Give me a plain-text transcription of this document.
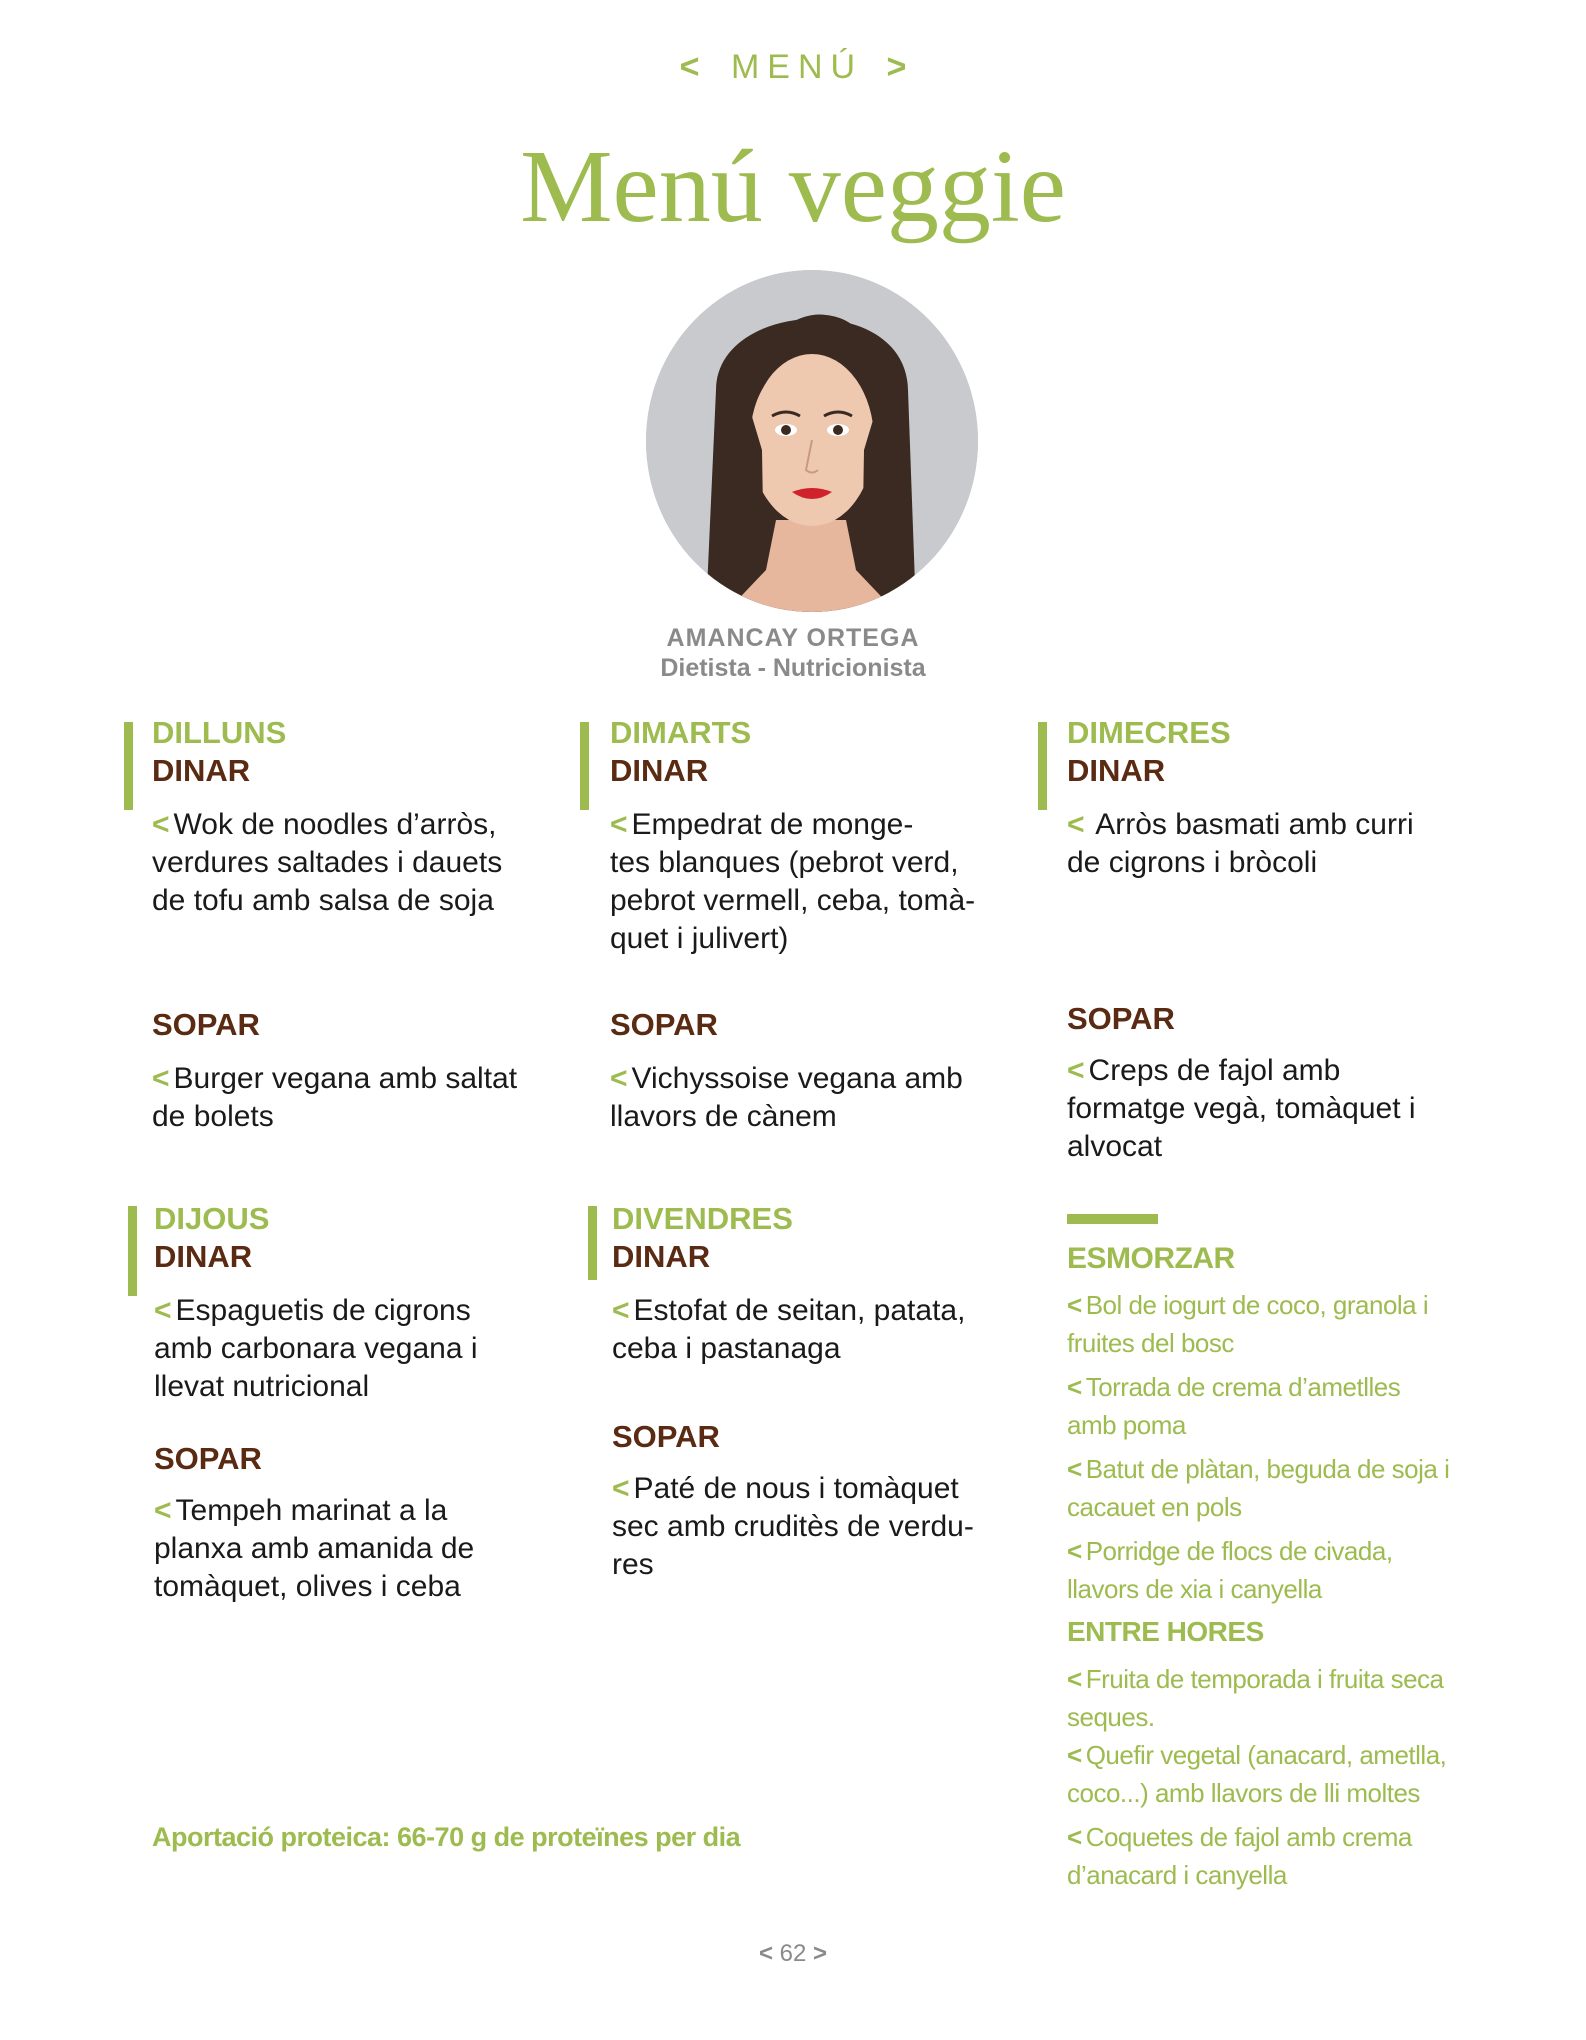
< MENÚ >
Menú veggie
AMANCAY ORTEGA
Dietista - Nutricionista
DILLUNS
DINAR
< Wok de noodles d’arròs,
verdures saltades i dauets
de tofu amb salsa de soja
SOPAR
< Burger vegana amb saltat
de bolets
DIMARTS
DINAR
< Empedrat de monge-
tes blanques (pebrot verd,
pebrot vermell, ceba, tomà-
quet i julivert)
SOPAR
< Vichyssoise vegana amb
llavors de cànem
DIMECRES
DINAR
< Arròs basmati amb curri
de cigrons i bròcoli
SOPAR
< Creps de fajol amb
formatge vegà, tomàquet i
alvocat
DIJOUS
DINAR
< Espaguetis de cigrons
amb carbonara vegana i
llevat nutricional
SOPAR
< Tempeh marinat a la
planxa amb amanida de
tomàquet, olives i ceba
DIVENDRES
DINAR
< Estofat de seitan, patata,
ceba i pastanaga
SOPAR
< Paté de nous i tomàquet
sec amb cruditès de verdu-
res
ESMORZAR
< Bol de iogurt de coco, granola i
fruites del bosc
< Torrada de crema d’ametlles
amb poma
< Batut de plàtan, beguda de soja i
cacauet en pols
< Porridge de flocs de civada,
llavors de xia i canyella
ENTRE HORES
< Fruita de temporada i fruita seca
seques.
< Quefir vegetal (anacard, ametlla,
coco...) amb llavors de lli moltes
< Coquetes de fajol amb crema
d’anacard i canyella
Aportació proteica: 66-70 g de proteïnes per dia
< 62 >
